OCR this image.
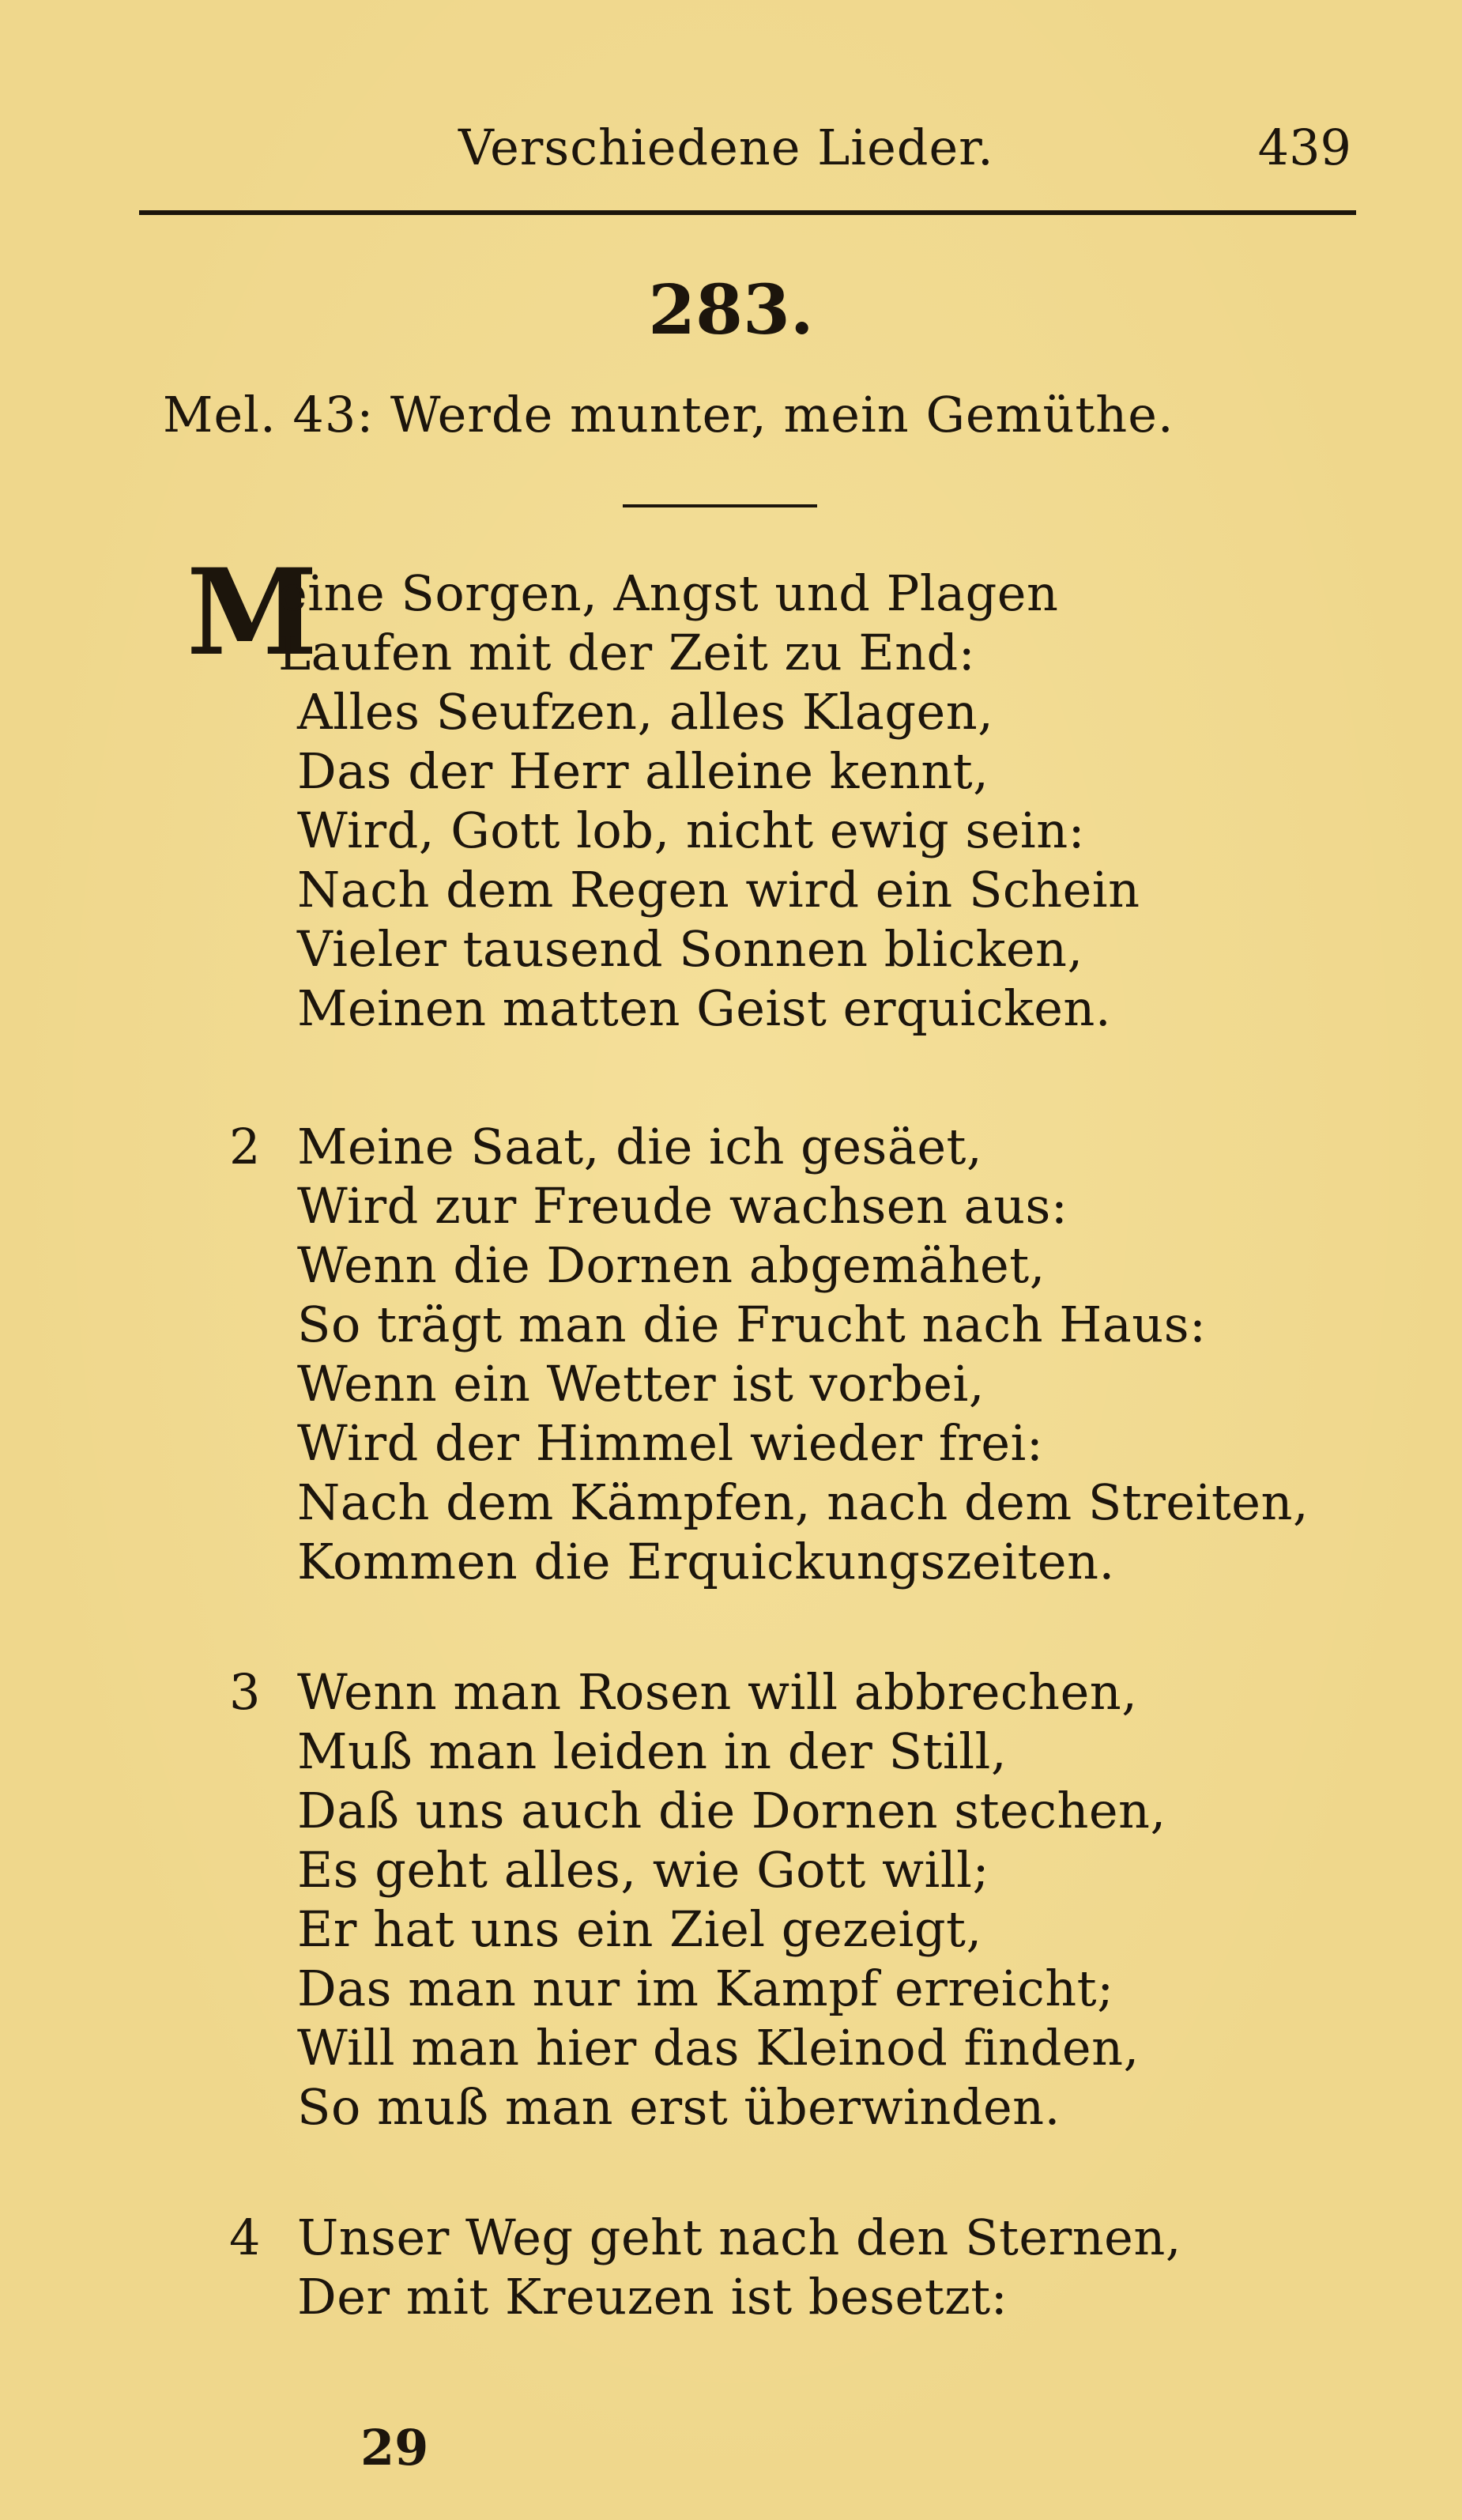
Verschiedene Lieder.	439
283.
Mel. 43: Werde munter, mein Gemüthe.
M
eine Sorgen, Angst und Plagen
Laufen mit der Zeit zu End:
Alles Seufzen, alles Klagen,
Das der Herr alleine kennt,
Wird, Gott lob, nicht ewig sein:
Nach dem Regen wird ein Schein
Vieler tausend Sonnen blicken,
Meinen matten Geist erquicken.
2 Meine Saat, die ich gesäet,
Wird zur Freude wachsen aus:
Wenn die Dornen abgemähet,
So trägt man die Frucht nach Haus:
Wenn ein Wetter ist vorbei,
Wird der Himmel wieder frei:
Nach dem Kämpfen, nach dem Streiten,
Kommen die Erquickungszeiten.
3 Wenn man Rosen will abbrechen,
Muß man leiden in der Still,
Daß uns auch die Dornen stechen,
Es geht alles, wie Gott will;
Er hat uns ein Ziel gezeigt,
Das man nur im Kampf erreicht;
Will man hier das Kleinod finden,
So muß man erst überwinden.
4 Unser Weg geht nach den Sternen,
Der mit Kreuzen ist besetzt:
29
